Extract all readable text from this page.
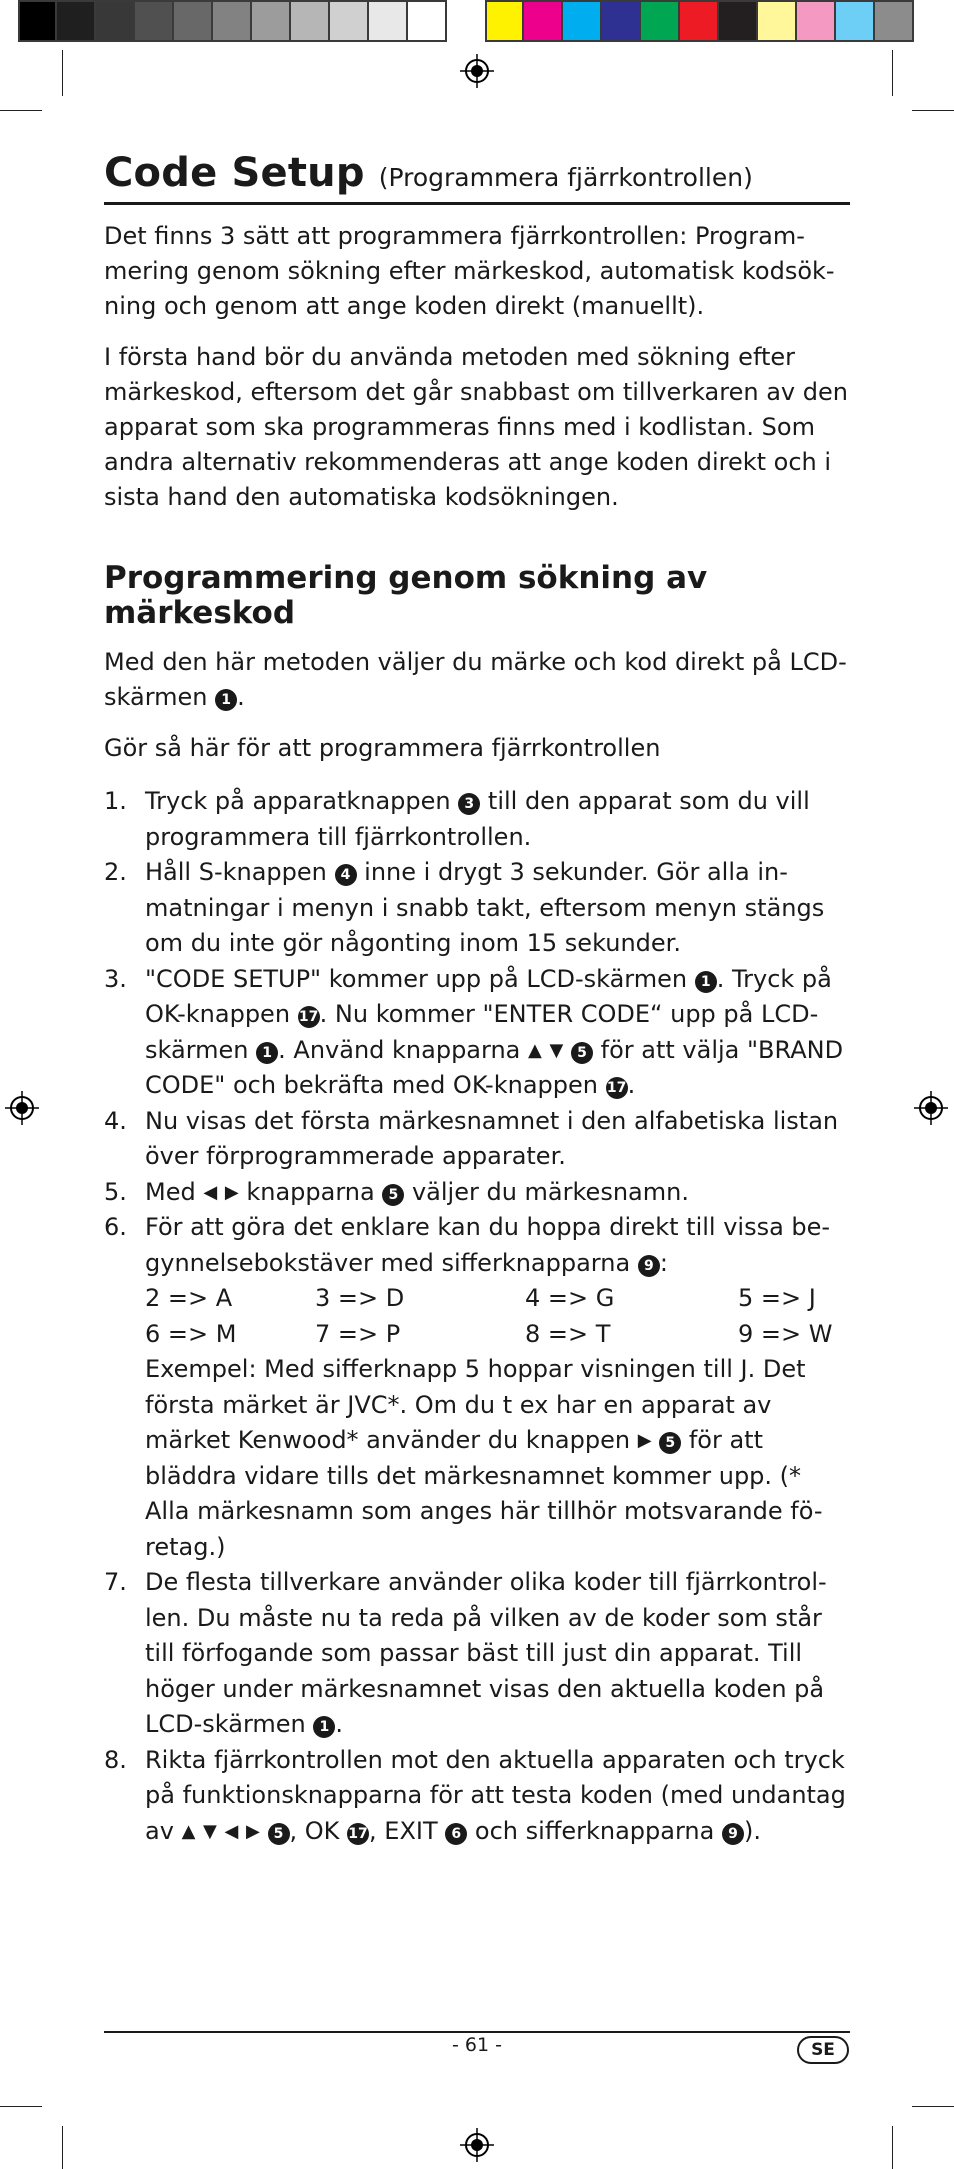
Code Setup (Programmera fjärrkontrollen)

Det finns 3 sätt att programmera fjärrkontrollen: Program-mering genom sökning efter märkeskod, automatisk kodsök-ning och genom att ange koden direkt (manuellt).

I första hand bör du använda metoden med sökning efter märkeskod, eftersom det går snabbast om tillverkaren av den apparat som ska programmeras finns med i kodlistan. Som andra alternativ rekommenderas att ange koden direkt och i sista hand den automatiska kodsökningen.

Programmering genom sökning av märkeskod

Med den här metoden väljer du märke och kod direkt på LCD-skärmen 1 .

Gör så här för att programmera fjärrkontrollen

1. Tryck på apparatknappen 3 till den apparat som du vill programmera till fjärrkontrollen.
2. Håll S-knappen 4 inne i drygt 3 sekunder. Gör alla in-matningar i menyn i snabb takt, eftersom menyn stängs om du inte gör någonting inom 15 sekunder.
3. "CODE SETUP" kommer upp på LCD-skärmen 1 . Tryck på OK-knappen 17. Nu kommer "ENTER CODE“ upp på LCD-skärmen 1 . Använd knapparna ▲ ▼ 5 för att välja "BRAND CODE" och bekräfta med OK-knappen 17.
4. Nu visas det första märkesnamnet i den alfabetiska listan över förprogrammerade apparater.
5. Med ◀ ▶ knapparna 5 väljer du märkesnamn.
6. För att göra det enklare kan du hoppa direkt till vissa be-gynnelsebokstäver med sifferknapparna 9 :
2 => A	3 => D	4 => G	5 => J
6 => M	7 => P	8 => T	9 => W
Exempel: Med sifferknapp 5 hoppar visningen till J. Det första märket är JVC*. Om du t ex har en apparat av märket Kenwood* använder du knappen ▶ 5 för att bläddra vidare tills det märkesnamnet kommer upp. (* Alla märkesnamn som anges här tillhör motsvarande fö-retag.)
7. De flesta tillverkare använder olika koder till fjärrkontrol-len. Du måste nu ta reda på vilken av de koder som står till förfogande som passar bäst till just din apparat. Till höger under märkesnamnet visas den aktuella koden på LCD-skärmen 1 .
8. Rikta fjärrkontrollen mot den aktuella apparaten och tryck på funktionsknapparna för att testa koden (med undantag av ▲ ▼ ◀ ▶ 5 , OK 17, EXIT 6 och sifferknapparna 9 ).
- 61 -	SE
